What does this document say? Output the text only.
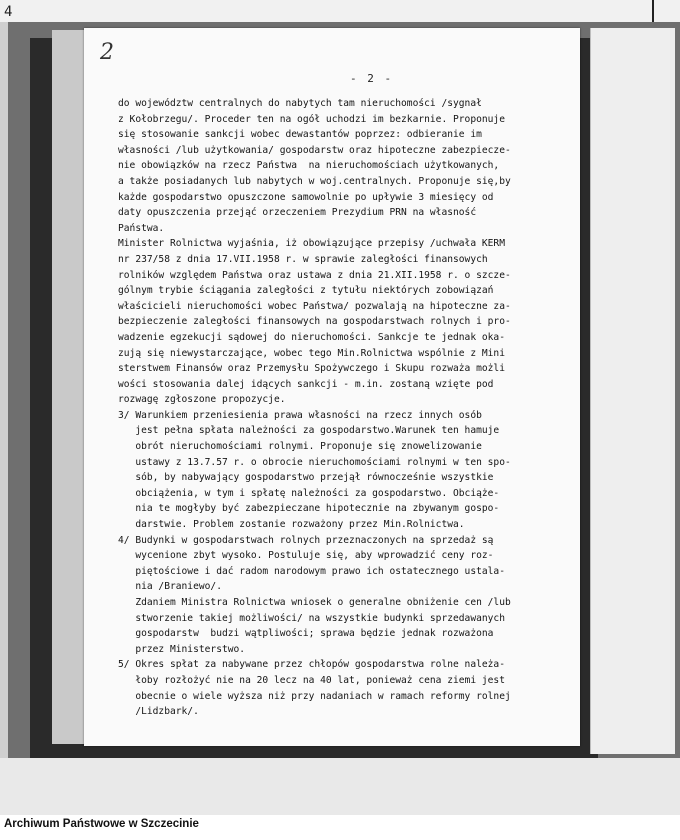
4
2
- 2 -
do województw centralnych do nabytych tam nieruchomości /sygnał
z Kołobrzegu/. Proceder ten na ogół uchodzi im bezkarnie. Proponuje
się stosowanie sankcji wobec dewastantów poprzez: odbieranie im
własności /lub użytkowania/ gospodarstw oraz hipoteczne zabezpiecze-
nie obowiązków na rzecz Państwa  na nieruchomościach użytkowanych,
a także posiadanych lub nabytych w woj.centralnych. Proponuje się,by
każde gospodarstwo opuszczone samowolnie po upływie 3 miesięcy od
daty opuszczenia przejąć orzeczeniem Prezydium PRN na własność
Państwa.
Minister Rolnictwa wyjaśnia, iż obowiązujące przepisy /uchwała KERM
nr 237/58 z dnia 17.VII.1958 r. w sprawie zaległości finansowych
rolników względem Państwa oraz ustawa z dnia 21.XII.1958 r. o szcze-
gólnym trybie ściągania zaległości z tytułu niektórych zobowiązań
właścicieli nieruchomości wobec Państwa/ pozwalają na hipoteczne za-
bezpieczenie zaległości finansowych na gospodarstwach rolnych i pro-
wadzenie egzekucji sądowej do nieruchomości. Sankcje te jednak oka-
zują się niewystarczające, wobec tego Min.Rolnictwa wspólnie z Mini
sterstwem Finansów oraz Przemysłu Spożywczego i Skupu rozważa możli
wości stosowania dalej idących sankcji - m.in. zostaną wzięte pod
rozwagę zgłoszone propozycje.
3/ Warunkiem przeniesienia prawa własności na rzecz innych osób
jest pełna spłata należności za gospodarstwo.Warunek ten hamuje
obrót nieruchomościami rolnymi. Proponuje się znowelizowanie
ustawy z 13.7.57 r. o obrocie nieruchomościami rolnymi w ten spo-
sób, by nabywający gospodarstwo przejął równocześnie wszystkie
obciążenia, w tym i spłatę należności za gospodarstwo. Obciąże-
nia te mogłyby być zabezpieczane hipotecznie na zbywanym gospo-
darstwie. Problem zostanie rozważony przez Min.Rolnictwa.
4/ Budynki w gospodarstwach rolnych przeznaczonych na sprzedaż są
wycenione zbyt wysoko. Postuluje się, aby wprowadzić ceny roz-
piętościowe i dać radom narodowym prawo ich ostatecznego ustala-
nia /Braniewo/.
Zdaniem Ministra Rolnictwa wniosek o generalne obniżenie cen /lub
stworzenie takiej możliwości/ na wszystkie budynki sprzedawanych
gospodarstw  budzi wątpliwości; sprawa będzie jednak rozważona
przez Ministerstwo.
5/ Okres spłat za nabywane przez chłopów gospodarstwa rolne należa-
łoby rozłożyć nie na 20 lecz na 40 lat, ponieważ cena ziemi jest
obecnie o wiele wyższa niż przy nadaniach w ramach reformy rolnej
/Lidzbark/.
Archiwum Państwowe w Szczecinie
